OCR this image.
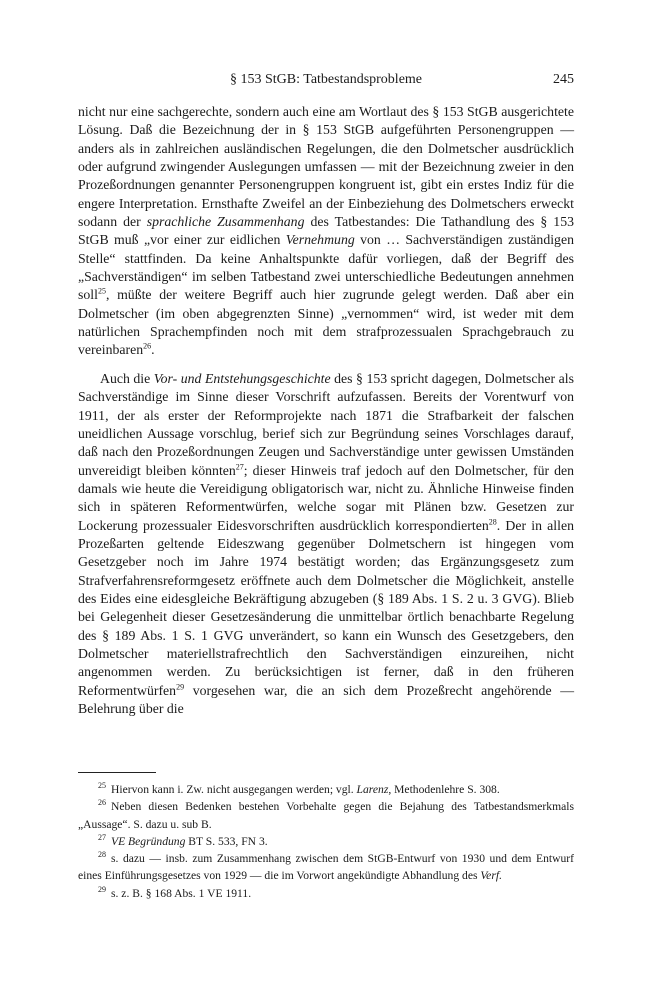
§ 153 StGB: Tatbestandsprobleme	245

nicht nur eine sachgerechte, sondern auch eine am Wortlaut des § 153 StGB ausgerichtete Lösung. Daß die Bezeichnung der in § 153 StGB aufgeführten Personengruppen — anders als in zahlreichen ausländischen Regelungen, die den Dolmetscher ausdrücklich oder aufgrund zwingender Auslegungen umfassen — mit der Bezeichnung zweier in den Prozeßordnungen genannter Personengruppen kongruent ist, gibt ein erstes Indiz für die engere Interpretation. Ernsthafte Zweifel an der Einbeziehung des Dolmetschers erweckt sodann der sprachliche Zusammenhang des Tatbestandes: Die Tathandlung des § 153 StGB muß „vor einer zur eidlichen Vernehmung von … Sachverständigen zuständigen Stelle“ stattfinden. Da keine Anhaltspunkte dafür vorliegen, daß der Begriff des „Sachverständigen“ im selben Tatbestand zwei unterschiedliche Bedeutungen annehmen soll$^{25}$, müßte der weitere Begriff auch hier zugrunde gelegt werden. Daß aber ein Dolmetscher (im oben abgegrenzten Sinne) „vernommen“ wird, ist weder mit dem natürlichen Sprachempfinden noch mit dem strafprozessualen Sprachgebrauch zu vereinbaren$^{26}$.

Auch die Vor- und Entstehungsgeschichte des § 153 spricht dagegen, Dolmetscher als Sachverständige im Sinne dieser Vorschrift aufzufassen. Bereits der Vorentwurf von 1911, der als erster der Reformprojekte nach 1871 die Strafbarkeit der falschen uneidlichen Aussage vorschlug, berief sich zur Begründung seines Vorschlages darauf, daß nach den Prozeßordnungen Zeugen und Sachverständige unter gewissen Umständen unvereidigt bleiben könnten$^{27}$; dieser Hinweis traf jedoch auf den Dolmetscher, für den damals wie heute die Vereidigung obligatorisch war, nicht zu. Ähnliche Hinweise finden sich in späteren Reformentwürfen, welche sogar mit Plänen bzw. Gesetzen zur Lockerung prozessualer Eidesvorschriften ausdrücklich korrespondierten$^{28}$. Der in allen Prozeßarten geltende Eideszwang gegenüber Dolmetschern ist hingegen vom Gesetzgeber noch im Jahre 1974 bestätigt worden; das Ergänzungsgesetz zum Strafverfahrensreformgesetz eröffnete auch dem Dolmetscher die Möglichkeit, anstelle des Eides eine eidesgleiche Bekräftigung abzugeben (§ 189 Abs. 1 S. 2 u. 3 GVG). Blieb bei Gelegenheit dieser Gesetzesänderung die unmittelbar örtlich benachbarte Regelung des § 189 Abs. 1 S. 1 GVG unverändert, so kann ein Wunsch des Gesetzgebers, den Dolmetscher materiellstrafrechtlich den Sachverständigen einzureihen, nicht angenommen werden. Zu berücksichtigen ist ferner, daß in den früheren Reformentwürfen$^{29}$ vorgesehen war, die an sich dem Prozeßrecht angehörende — Belehrung über die

$^{25}$ Hiervon kann i. Zw. nicht ausgegangen werden; vgl. Larenz, Methodenlehre S. 308.

$^{26}$ Neben diesen Bedenken bestehen Vorbehalte gegen die Bejahung des Tatbestandsmerkmals „Aussage“. S. dazu u. sub B.

$^{27}$ VE Begründung BT S. 533, FN 3.

$^{28}$ s. dazu — insb. zum Zusammenhang zwischen dem StGB-Entwurf von 1930 und dem Entwurf eines Einführungsgesetzes von 1929 — die im Vorwort angekündigte Abhandlung des Verf.

$^{29}$ s. z. B. § 168 Abs. 1 VE 1911.
